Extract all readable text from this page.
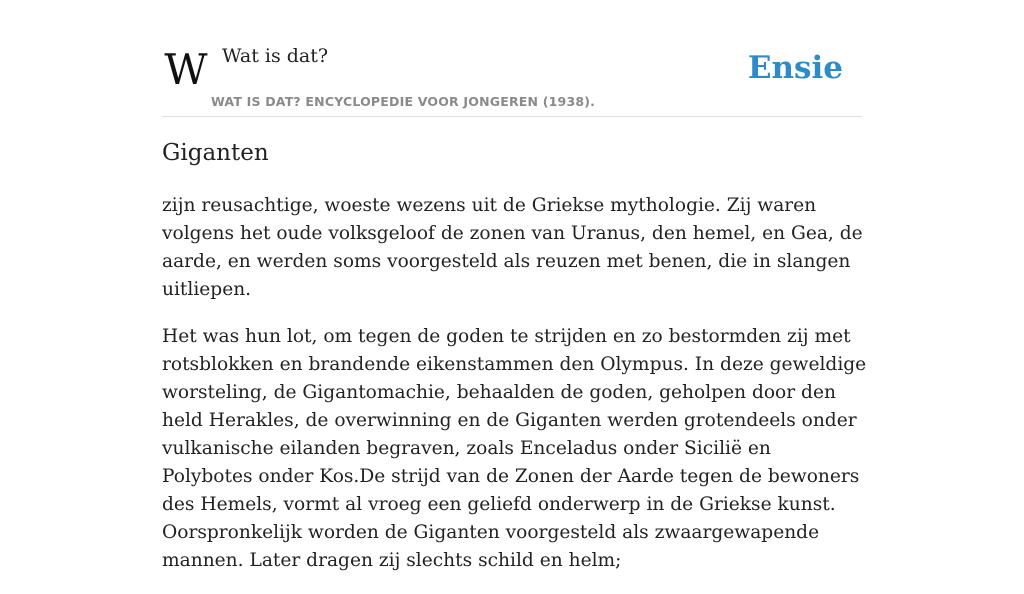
W Wat is dat?
WAT IS DAT? ENCYCLOPEDIE VOOR JONGEREN (1938).
Ensie
Giganten

zijn reusachtige, woeste wezens uit de Griekse mythologie. Zij waren volgens het oude volksgeloof de zonen van Uranus, den hemel, en Gea, de aarde, en werden soms voorgesteld als reuzen met benen, die in slangen uitliepen.

Het was hun lot, om tegen de goden te strijden en zo bestormden zij met rotsblokken en brandende eikenstammen den Olympus. In deze geweldige worsteling, de Gigantomachie, behaalden de goden, geholpen door den held Herakles, de overwinning en de Giganten werden grotendeels onder vulkanische eilanden begraven, zoals Enceladus onder Sicilië en Polybotes onder Kos.De strijd van de Zonen der Aarde tegen de bewoners des Hemels, vormt al vroeg een geliefd onderwerp in de Griekse kunst. Oorspronkelijk worden de Giganten voorgesteld als zwaargewapende mannen. Later dragen zij slechts schild en helm;
